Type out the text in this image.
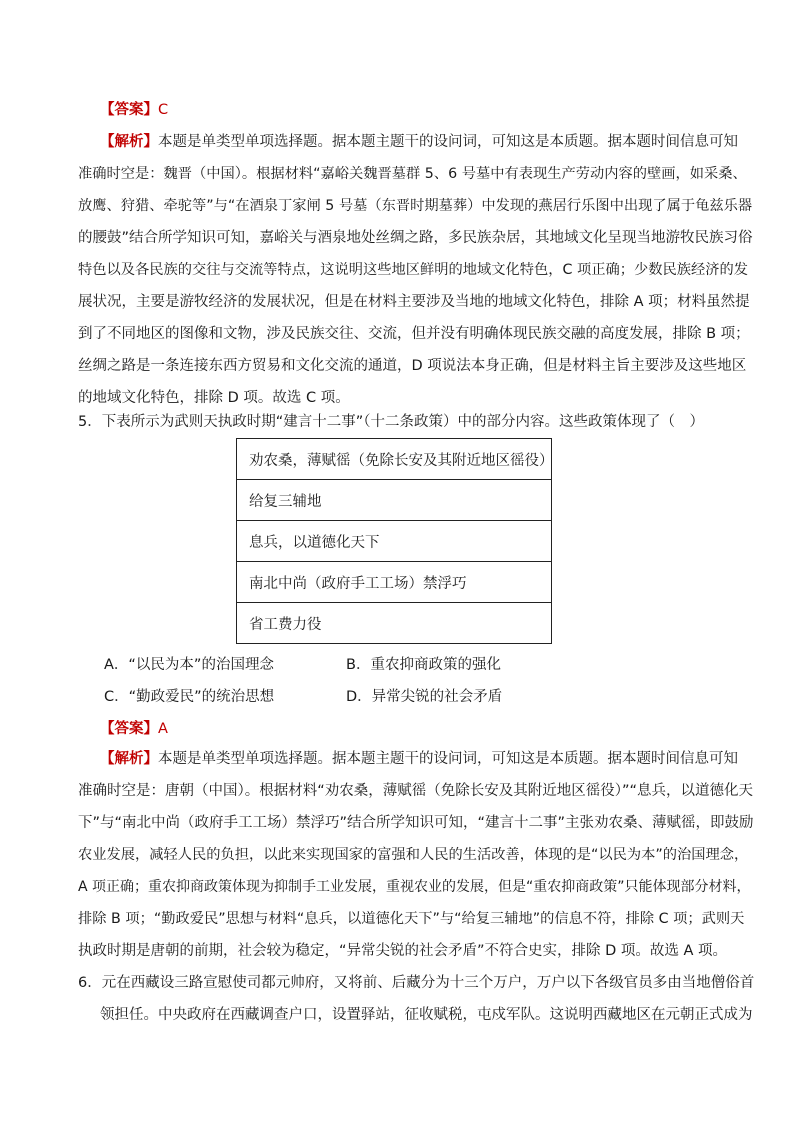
【答案】C
【解析】本题是单类型单项选择题。据本题主题干的设问词，可知这是本质题。据本题时间信息可知
准确时空是：魏晋（中国）。根据材料“嘉峪关魏晋墓群 5、6 号墓中有表现生产劳动内容的壁画，如采桑、
放鹰、狩猎、牵驼等”与“在酒泉丁家闸 5 号墓（东晋时期墓葬）中发现的燕居行乐图中出现了属于龟兹乐器
的腰鼓”结合所学知识可知，嘉峪关与酒泉地处丝绸之路，多民族杂居，其地域文化呈现当地游牧民族习俗
特色以及各民族的交往与交流等特点，这说明这些地区鲜明的地域文化特色，C 项正确；少数民族经济的发
展状况，主要是游牧经济的发展状况，但是在材料主要涉及当地的地域文化特色，排除 A 项；材料虽然提
到了不同地区的图像和文物，涉及民族交往、交流，但并没有明确体现民族交融的高度发展，排除 B 项；
丝绸之路是一条连接东西方贸易和文化交流的通道，D 项说法本身正确，但是材料主旨主要涉及这些地区
的地域文化特色，排除 D 项。故选 C 项。
5．下表所示为武则天执政时期“建言十二事”（十二条政策）中的部分内容。这些政策体现了（　）
劝农桑，薄赋徭（免除长安及其附近地区徭役）
给复三辅地
息兵，以道德化天下
南北中尚（政府手工工场）禁浮巧
省工费力役
A．“以民为本”的治国理念	B．重农抑商政策的强化
C．“勤政爱民”的统治思想	D．异常尖锐的社会矛盾
【答案】A
【解析】本题是单类型单项选择题。据本题主题干的设问词，可知这是本质题。据本题时间信息可知
准确时空是：唐朝（中国）。根据材料“劝农桑，薄赋徭（免除长安及其附近地区徭役）”“息兵，以道德化天
下”与“南北中尚（政府手工工场）禁浮巧”结合所学知识可知，“建言十二事”主张劝农桑、薄赋徭，即鼓励
农业发展，减轻人民的负担，以此来实现国家的富强和人民的生活改善，体现的是“以民为本”的治国理念，
A 项正确；重农抑商政策体现为抑制手工业发展，重视农业的发展，但是“重农抑商政策”只能体现部分材料，
排除 B 项；“勤政爱民”思想与材料“息兵，以道德化天下”与“给复三辅地”的信息不符，排除 C 项；武则天
执政时期是唐朝的前期，社会较为稳定，“异常尖锐的社会矛盾”不符合史实，排除 D 项。故选 A 项。
6．元在西藏设三路宣慰使司都元帅府，又将前、后藏分为十三个万户，万户以下各级官员多由当地僧俗首
领担任。中央政府在西藏调查户口，设置驿站，征收赋税，屯戍军队。这说明西藏地区在元朝正式成为
